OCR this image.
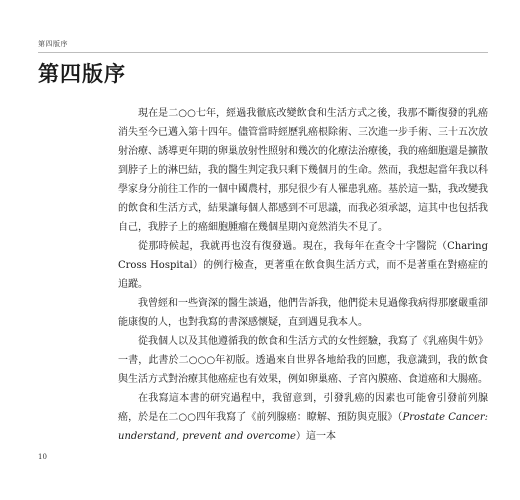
第四版序
第四版序

現在是二○○七年，經過我徹底改變飲食和生活方式之後，我那不斷復發的乳癌消失至今已邁入第十四年。儘管當時經歷乳癌根除術、三次進一步手術、三十五次放射治療、誘導更年期的卵巢放射性照射和幾次的化療法治療後，我的癌細胞還是擴散到脖子上的淋巴結，我的醫生判定我只剩下幾個月的生命。然而，我想起當年我以科學家身分前往工作的一個中國農村，那兒很少有人罹患乳癌。基於這一點，我改變我的飲食和生活方式，結果讓每個人都感到不可思議，而我必須承認，這其中也包括我自己，我脖子上的癌細胞腫瘤在幾個星期內竟然消失不見了。

從那時候起，我就再也沒有復發過。現在，我每年在查令十字醫院（Charing Cross Hospital）的例行檢查，更著重在飲食與生活方式，而不是著重在對癌症的追蹤。

我曾經和一些資深的醫生談過，他們告訴我，他們從未見過像我病得那麼嚴重卻能康復的人，也對我寫的書深感懷疑，直到遇見我本人。

從我個人以及其他遵循我的飲食和生活方式的女性經驗，我寫了《乳癌與牛奶》一書，此書於二○○○年初版。透過來自世界各地給我的回應，我意識到，我的飲食與生活方式對治療其他癌症也有效果，例如卵巢癌、子宮內膜癌、食道癌和大腸癌。

在我寫這本書的研究過程中，我留意到，引發乳癌的因素也可能會引發前列腺癌，於是在二○○四年我寫了《前列腺癌：瞭解、預防與克服》（Prostate Cancer: understand, prevent and overcome）這一本

10
